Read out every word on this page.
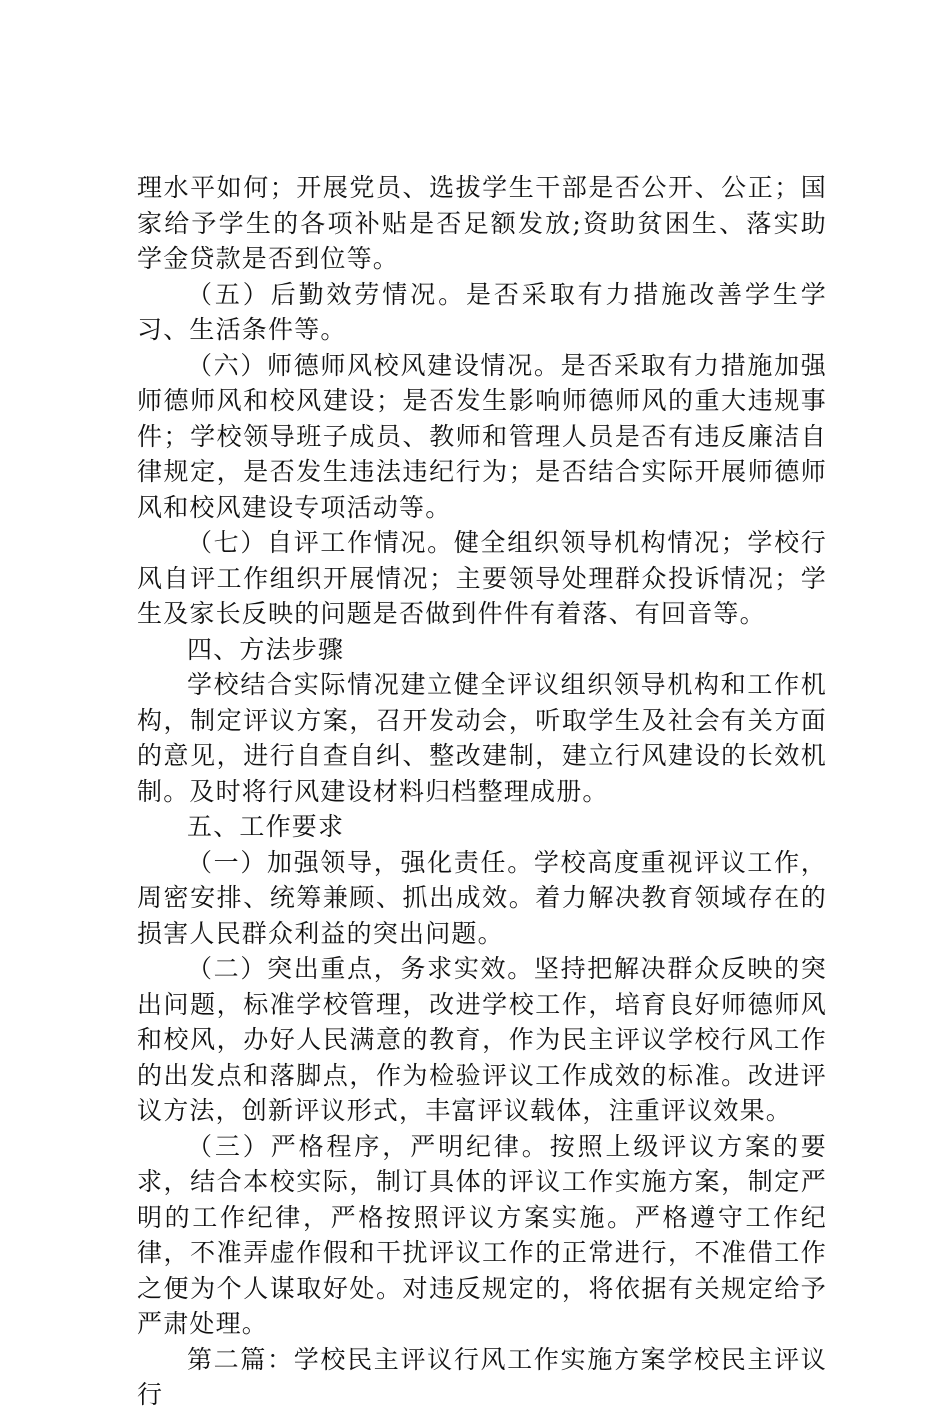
理水平如何；开展党员、选拔学生干部是否公开、公正；国家给予学生的各项补贴是否足额发放;资助贫困生、落实助学金贷款是否到位等。

（五）后勤效劳情况。是否采取有力措施改善学生学习、生活条件等。

（六）师德师风校风建设情况。是否采取有力措施加强师德师风和校风建设；是否发生影响师德师风的重大违规事件；学校领导班子成员、教师和管理人员是否有违反廉洁自律规定，是否发生违法违纪行为；是否结合实际开展师德师风和校风建设专项活动等。

（七）自评工作情况。健全组织领导机构情况；学校行风自评工作组织开展情况；主要领导处理群众投诉情况；学生及家长反映的问题是否做到件件有着落、有回音等。

四、方法步骤

学校结合实际情况建立健全评议组织领导机构和工作机构，制定评议方案，召开发动会，听取学生及社会有关方面的意见，进行自查自纠、整改建制，建立行风建设的长效机制。及时将行风建设材料归档整理成册。

五、工作要求

（一）加强领导，强化责任。学校高度重视评议工作，周密安排、统筹兼顾、抓出成效。着力解决教育领域存在的损害人民群众利益的突出问题。

（二）突出重点，务求实效。坚持把解决群众反映的突出问题，标准学校管理，改进学校工作，培育良好师德师风和校风，办好人民满意的教育，作为民主评议学校行风工作的出发点和落脚点，作为检验评议工作成效的标准。改进评议方法，创新评议形式，丰富评议载体，注重评议效果。

（三）严格程序，严明纪律。按照上级评议方案的要求，结合本校实际，制订具体的评议工作实施方案，制定严明的工作纪律，严格按照评议方案实施。严格遵守工作纪律，不准弄虚作假和干扰评议工作的正常进行，不准借工作之便为个人谋取好处。对违反规定的，将依据有关规定给予严肃处理。

第二篇：学校民主评议行风工作实施方案学校民主评议行
